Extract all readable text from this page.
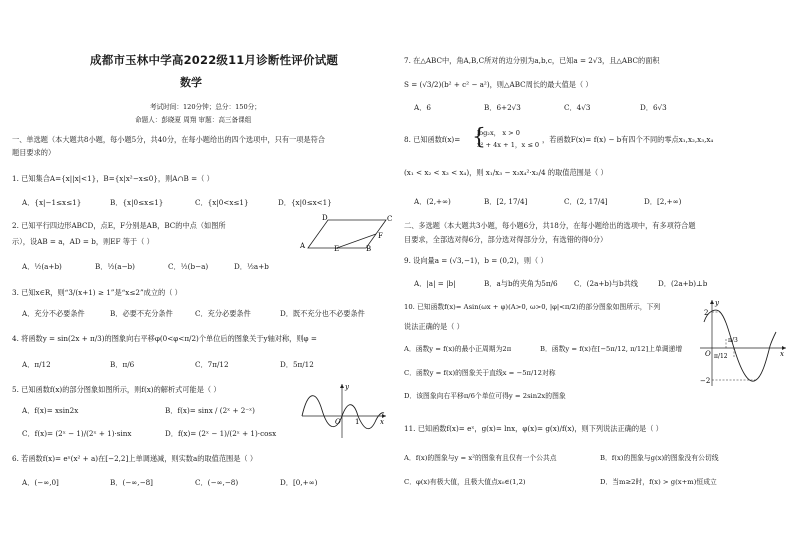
成都市玉林中学高2022级11月诊断性评价试题
数学
考试时间：120分钟；总分：150分；
命题人：彭晓夏 周翔 审题：高三备课组
一、单选题（本大题共8小题，每小题5分，共40分，在每小题给出的四个选项中，只有一项是符合
题目要求的）
1. 已知集合A={x||x|<1}，B={x|x²−x≤0}，则A∩B =（ ）
A．{x|−1≤x≤1}	B．{x|0≤x≤1}	C．{x|0<x≤1}	D．{x|0≤x<1}
2. 已知平行四边形ABCD，点E，F分别是AB，BC的中点（如图所
示），设AB = a，AD = b，则EF 等于（ ）
A．½(a+b)	B．½(a−b)	C．½(b−a)	D．½a+b
D	C
F
A	E	B
3. 已知x∈R，则“3/(x+1) ≥ 1”是“x≤2”成立的（ ）
A．充分不必要条件	B．必要不充分条件	C．充分必要条件	D．既不充分也不必要条件
4. 将函数y = sin(2x + π/3)的图象向右平移φ(0<φ<π/2)个单位后的图象关于y轴对称，则φ =
A．π/12	B．π/6	C．7π/12	D．5π/12
5. 已知函数f(x)的部分图象如图所示，则f(x)的解析式可能是（ ）
A．f(x)= xsin2x	B．f(x)= sinx / (2ˣ + 2⁻ˣ)
C．f(x)= (2ˣ − 1)/(2ˣ + 1)·sinx	D．f(x)= (2ˣ − 1)/(2ˣ + 1)·cosx
y
O 1	x
6. 若函数f(x)= eˣ(x² + a)在[−2,2]上单调递减，则实数a的取值范围是（ ）
A．(−∞,0]	B．(−∞,−8]	C．(−∞,−8)	D．[0,+∞)
7. 在△ABC中，角A,B,C所对的边分别为a,b,c，已知a = 2√3，且△ABC的面积
S = (√3/2)(b² + c² − a²)，则△ABC周长的最大值是（ ）
A．6	B．6+2√3	C．4√3	D．6√3
8. 已知函数f(x)=
log₂x， x > 0
x² + 4x + 1，x ≤ 0
{	，若函数F(x)= f(x) − b有四个不同的零点x₁,x₂,x₃,x₄
(x₁ < x₂ < x₃ < x₄)，则 x₁/x₃ − x₃x₄²·x₂/4 的取值范围是（ ）
A．(2,+∞)	B．[2, 17/4]	C．(2, 17/4]	D．[2,+∞)
二、多选题（本大题共3小题，每小题6分，共18分，在每小题给出的选项中，有多项符合题
目要求，全部选对得6分，部分选对得部分分，有选错的得0分）
9. 设向量a = (√3,−1)，b = (0,2)，则（ ）
A．|a| = |b|	B．a与b的夹角为5π/6 C．(2a+b)与b共线	D．(2a+b)⊥b
10. 已知函数f(x)= Asin(ωx + φ)(A>0, ω>0, |φ|<π/2)的部分图象如图所示，下列
说法正确的是（ ）
A．函数y = f(x)的最小正周期为2π	B．函数y = f(x)在[−5π/12, π/12]上单调递增
C．函数y = f(x)的图象关于直线x = −5π/12对称
D．该图象向右平移π/6个单位可得y = 2sin2x的图象
y
2
O π/12
π/3
−2
x
11. 已知函数f(x)= eˣ，g(x)= lnx，φ(x)= g(x)/f(x)，则下列说法正确的是（ ）
A．f(x)的图象与y = x²的图象有且仅有一个公共点	B．f(x)的图象与g(x)的图象没有公切线
C．φ(x)有极大值，且极大值点x₀∈(1,2)	D．当m≥2时，f(x) > g(x+m)恒成立
